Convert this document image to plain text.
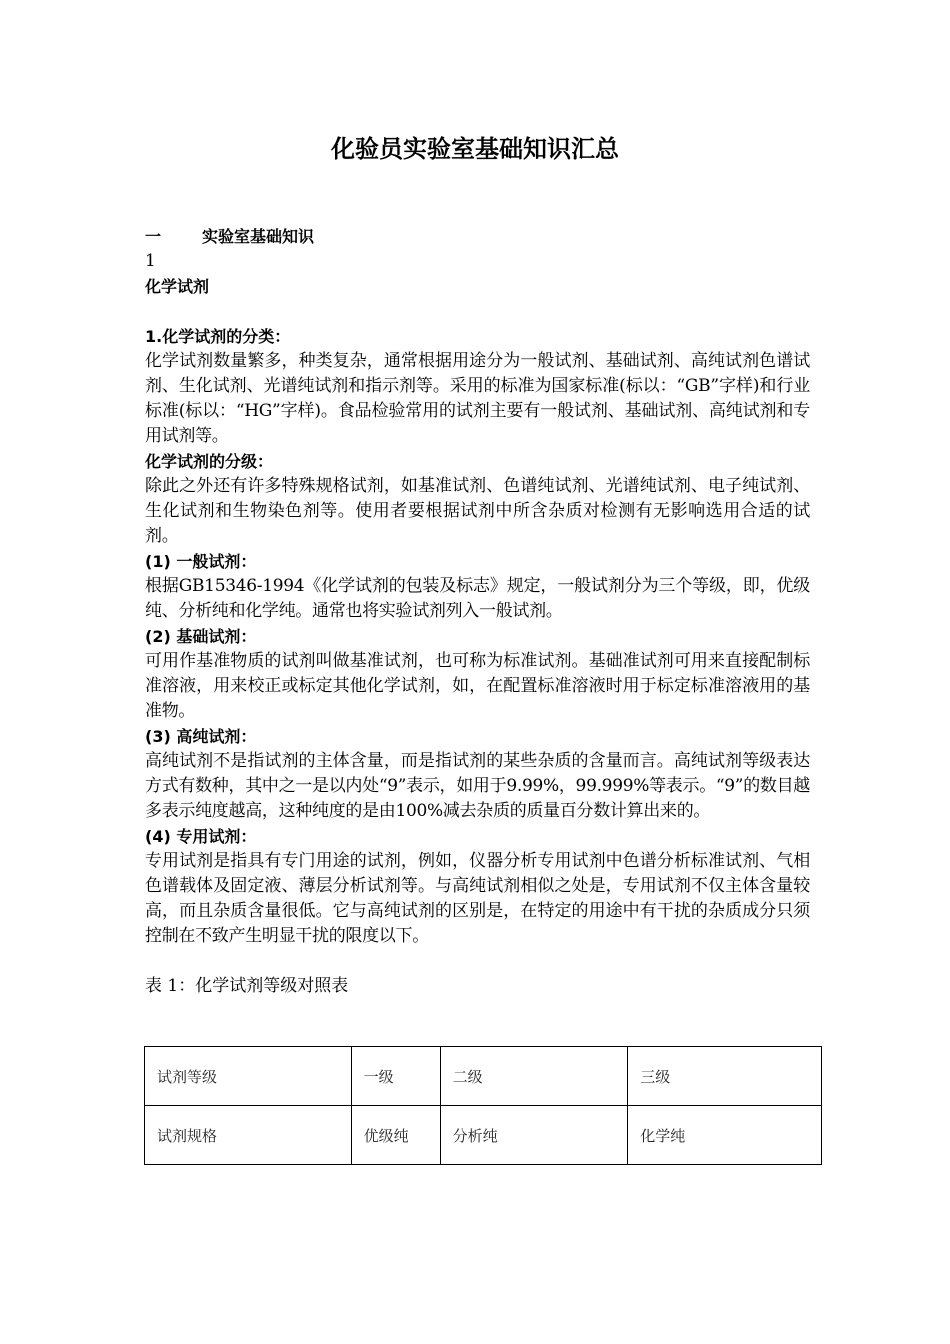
化验员实验室基础知识汇总
一	实验室基础知识
1
化学试剂
1.化学试剂的分类：
化学试剂数量繁多，种类复杂，通常根据用途分为一般试剂、基础试剂、高纯试剂色谱试剂、生化试剂、光谱纯试剂和指示剂等。采用的标准为国家标准(标以：“GB”字样)和行业标准(标以：“HG”字样)。食品检验常用的试剂主要有一般试剂、基础试剂、高纯试剂和专用试剂等。
化学试剂的分级：
除此之外还有许多特殊规格试剂，如基准试剂、色谱纯试剂、光谱纯试剂、电子纯试剂、生化试剂和生物染色剂等。使用者要根据试剂中所含杂质对检测有无影响选用合适的试剂。
(1) 一般试剂：
根据GB15346-1994《化学试剂的包装及标志》规定，一般试剂分为三个等级，即，优级纯、分析纯和化学纯。通常也将实验试剂列入一般试剂。
(2) 基础试剂：
可用作基准物质的试剂叫做基准试剂，也可称为标准试剂。基础准试剂可用来直接配制标准溶液，用来校正或标定其他化学试剂，如，在配置标准溶液时用于标定标准溶液用的基准物。
(3) 高纯试剂：
高纯试剂不是指试剂的主体含量，而是指试剂的某些杂质的含量而言。高纯试剂等级表达方式有数种，其中之一是以内处“9”表示，如用于9.99%，99.999%等表示。“9”的数目越多表示纯度越高，这种纯度的是由100%减去杂质的质量百分数计算出来的。
(4) 专用试剂：
专用试剂是指具有专门用途的试剂，例如，仪器分析专用试剂中色谱分析标准试剂、气相色谱载体及固定液、薄层分析试剂等。与高纯试剂相似之处是，专用试剂不仅主体含量较高，而且杂质含量很低。它与高纯试剂的区别是，在特定的用途中有干扰的杂质成分只须控制在不致产生明显干扰的限度以下。
表 1：化学试剂等级对照表
试剂等级	一级	二级	三级
试剂规格	优级纯	分析纯	化学纯
